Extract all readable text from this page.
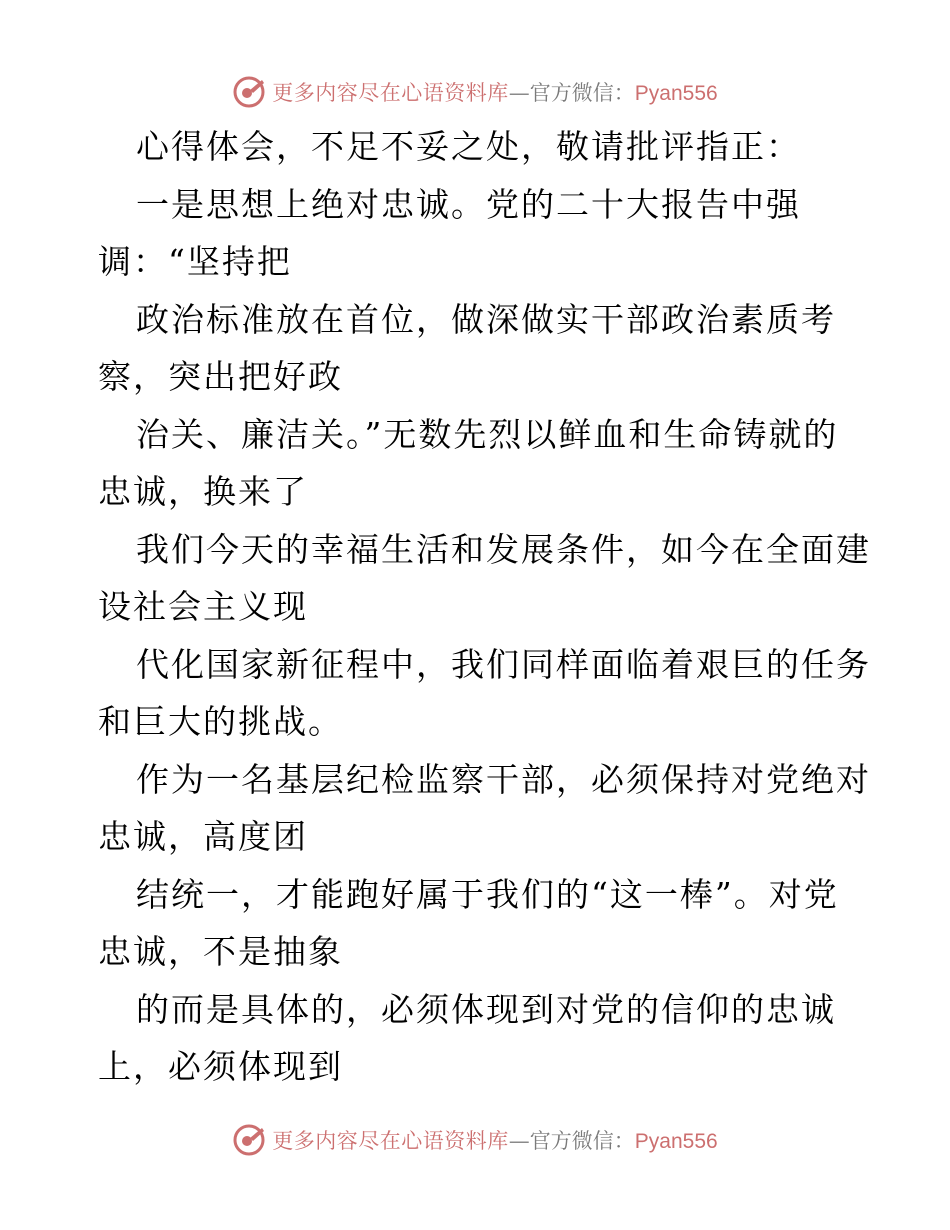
更多内容尽在心语资料库 — 官方微信： Pyan556
心得体会，不足不妥之处，敬请批评指正：
一是思想上绝对忠诚。党的二十大报告中强
调：“坚持把
政治标准放在首位，做深做实干部政治素质考
察，突出把好政
治关、廉洁关。”无数先烈以鲜血和生命铸就的
忠诚，换来了
我们今天的幸福生活和发展条件，如今在全面建
设社会主义现
代化国家新征程中，我们同样面临着艰巨的任务
和巨大的挑战。
作为一名基层纪检监察干部，必须保持对党绝对
忠诚，高度团
结统一，才能跑好属于我们的“这一棒”。对党
忠诚，不是抽象
的而是具体的，必须体现到对党的信仰的忠诚
上，必须体现到
更多内容尽在心语资料库 — 官方微信： Pyan556
